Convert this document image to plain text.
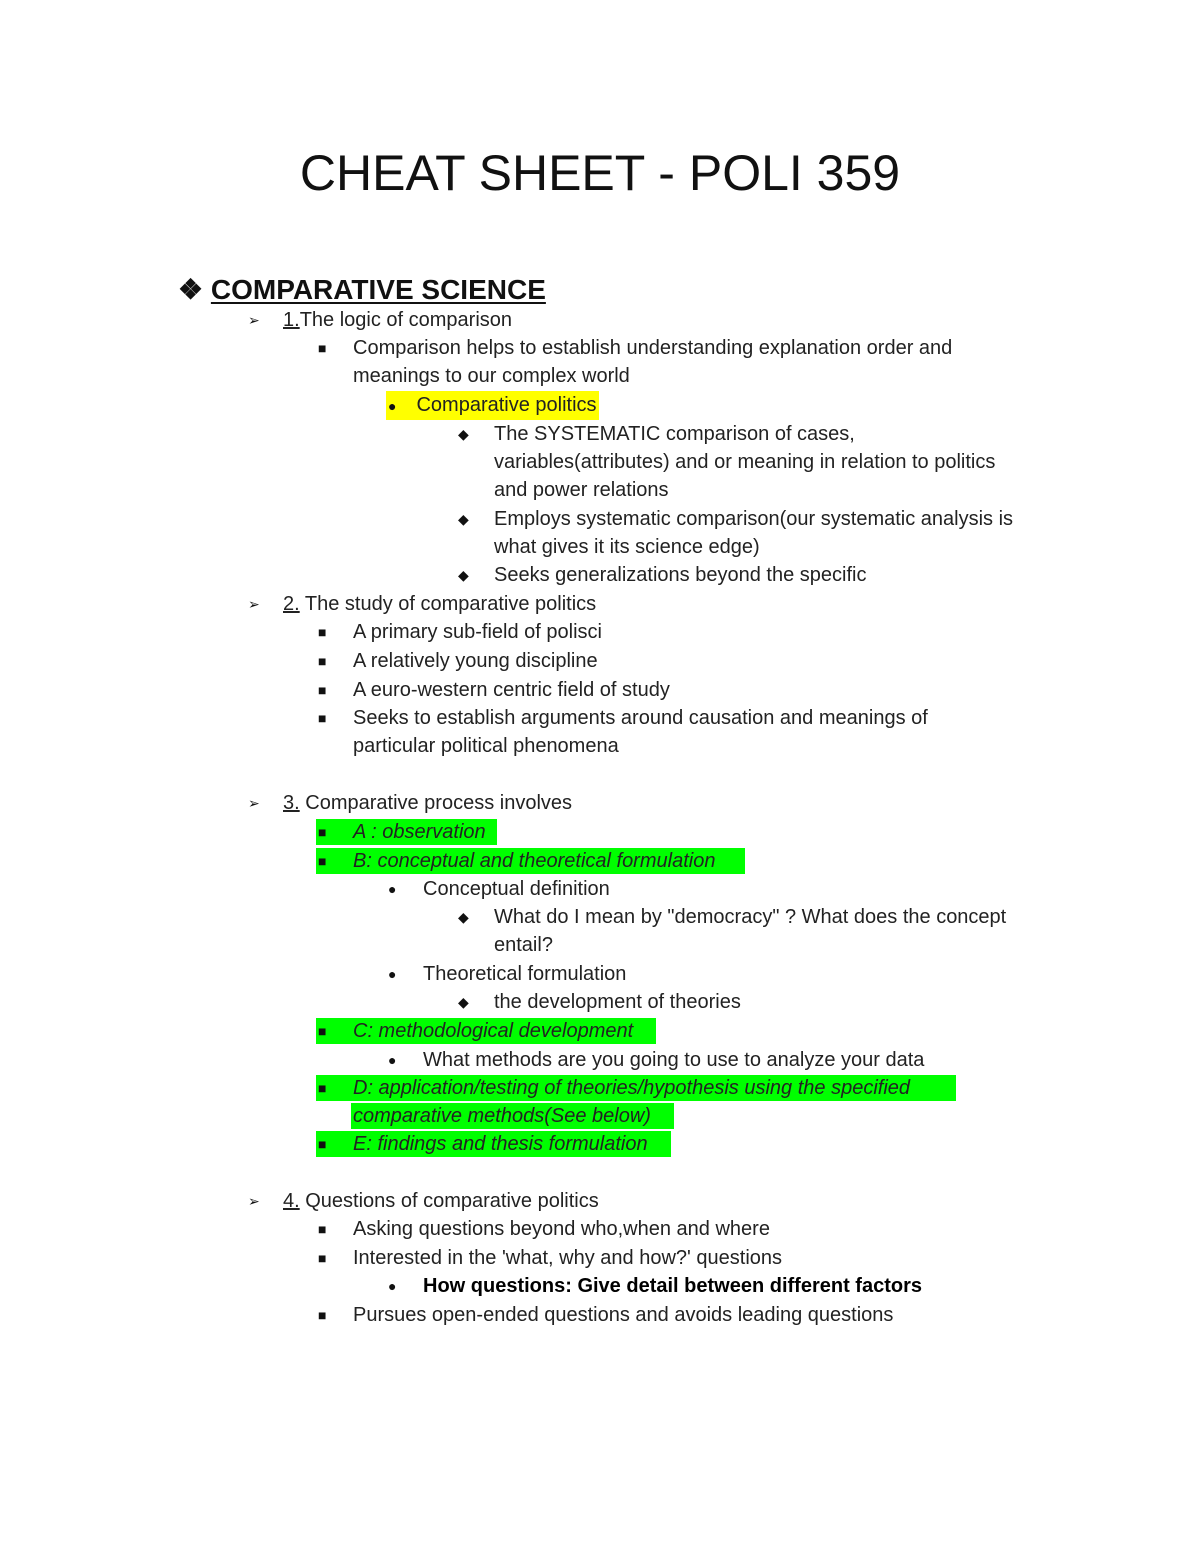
CHEAT SHEET - POLI 359
❖ COMPARATIVE SCIENCE
➢ 1.The logic of comparison
■ Comparison helps to establish understanding explanation order and
meanings to our complex world
● Comparative politics
◆ The SYSTEMATIC comparison of cases,
variables(attributes) and or meaning in relation to politics
and power relations
◆ Employs systematic comparison(our systematic analysis is
what gives it its science edge)
◆ Seeks generalizations beyond the specific
➢ 2. The study of comparative politics
■ A primary sub-field of polisci
■ A relatively young discipline
■ A euro-western centric field of study
■ Seeks to establish arguments around causation and meanings of
particular political phenomena
➢ 3. Comparative process involves
■ A : observation
■ B: conceptual and theoretical formulation
● Conceptual definition
◆ What do I mean by "democracy" ? What does the concept
entail?
● Theoretical formulation
◆ the development of theories
■ C: methodological development
● What methods are you going to use to analyze your data
■ D: application/testing of theories/hypothesis using the specified
comparative methods(See below)
■ E: findings and thesis formulation
➢ 4. Questions of comparative politics
■ Asking questions beyond who,when and where
■ Interested in the 'what, why and how?' questions
● How questions: Give detail between different factors
■ Pursues open-ended questions and avoids leading questions
